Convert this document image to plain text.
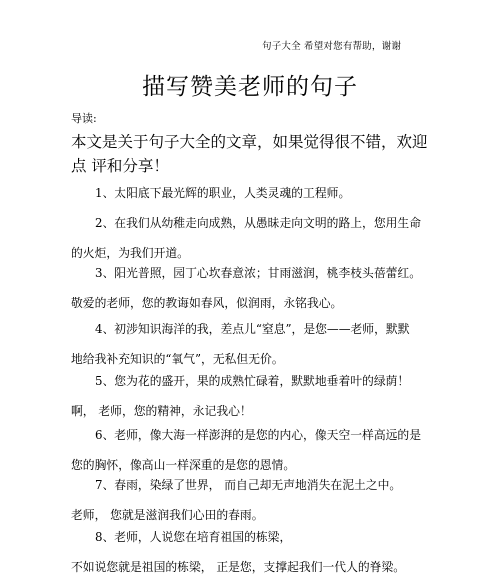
句子大全 希望对您有帮助，谢谢
描写赞美老师的句子
导读:
本文是关于句子大全的文章，如果觉得很不错，欢迎
点 评和分享！
1、太阳底下最光辉的职业，人类灵魂的工程师。
2、在我们从幼稚走向成熟，从愚昧走向文明的路上，您用生命
的火炬，为我们开道。
3、阳光普照，园丁心坎春意浓；甘雨滋润，桃李枝头蓓蕾红。
敬爱的老师，您的教诲如春风，似润雨，永铭我心。
4、初涉知识海洋的我，差点儿“窒息”，是您——老师，默默
地给我补充知识的“氧气”，无私但无价。
5、您为花的盛开，果的成熟忙碌着，默默地垂着叶的绿荫！
啊， 老师，您的精神，永记我心！
6、老师，像大海一样澎湃的是您的内心，像天空一样高远的是
您的胸怀，像高山一样深重的是您的恩情。
7、春雨，染绿了世界， 而自己却无声地消失在泥土之中。
老师， 您就是滋润我们心田的春雨。
8、老师，人说您在培育祖国的栋梁，
不如说您就是祖国的栋梁， 正是您，支撑起我们一代人的脊梁。
